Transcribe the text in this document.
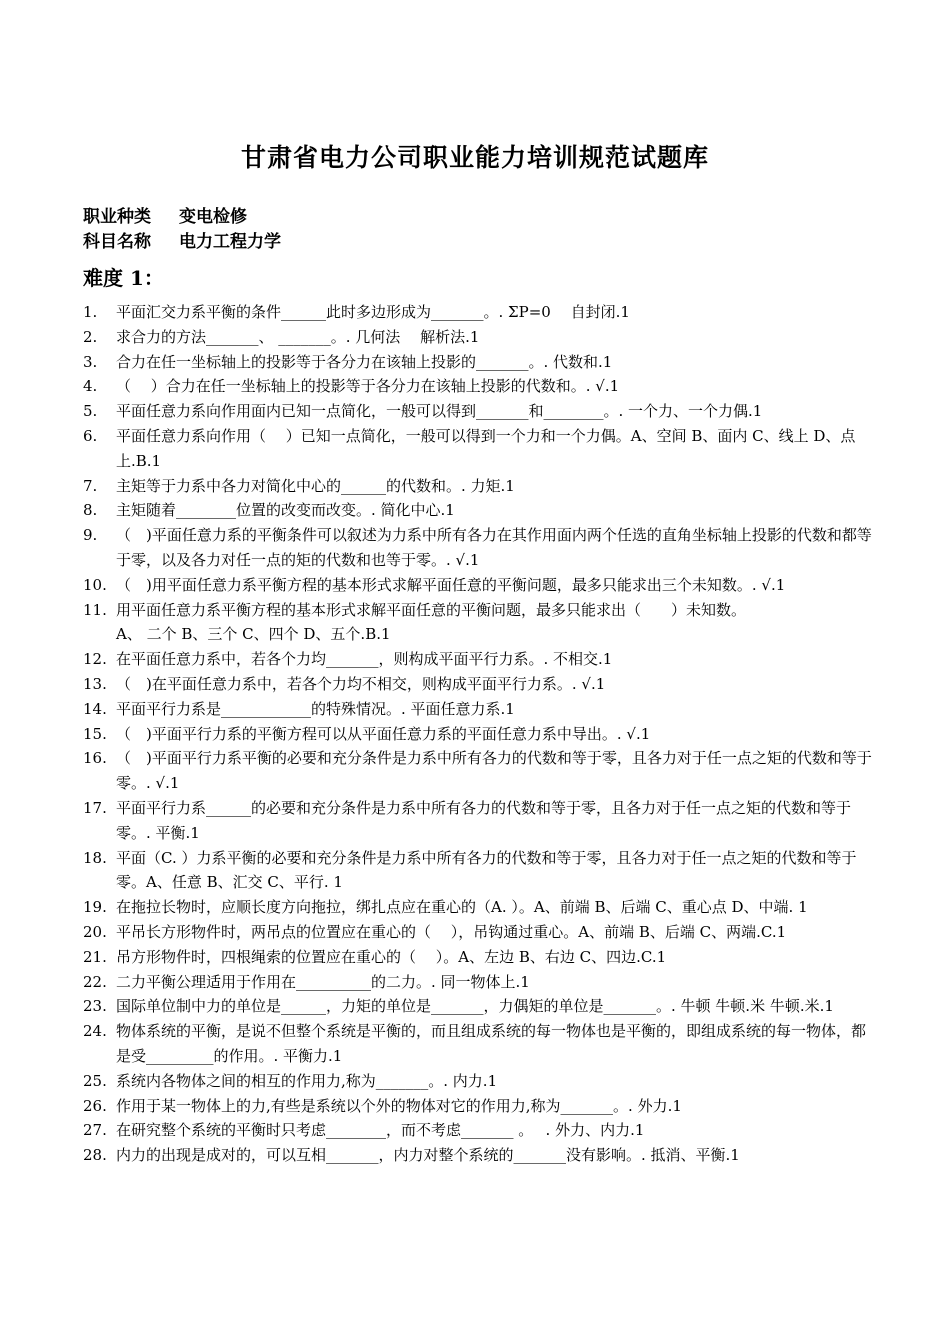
甘肃省电力公司职业能力培训规范试题库
职业种类 变电检修
科目名称 电力工程力学
难度 1：
1. 平面汇交力系平衡的条件______此时多边形成为_______。. ΣP=0　 自封闭.1
2. 求合力的方法_______、 _______。. 几何法　 解析法.1
3. 合力在任一坐标轴上的投影等于各分力在该轴上投影的_______。. 代数和.1
4. （　 ）合力在任一坐标轴上的投影等于各分力在该轴上投影的代数和。. √.1
5. 平面任意力系向作用面内已知一点简化，一般可以得到_______和________。. 一个力、一个力偶.1
6. 平面任意力系向作用（　 ）已知一点简化，一般可以得到一个力和一个力偶。A、空间 B、面内 C、线上 D、点上.B.1
7. 主矩等于力系中各力对简化中心的______的代数和。. 力矩.1
8. 主矩随着________位置的改变而改变。. 简化中心.1
9. （　)平面任意力系的平衡条件可以叙述为力系中所有各力在其作用面内两个任选的直角坐标轴上投影的代数和都等于零，以及各力对任一点的矩的代数和也等于零。. √.1
10. （　)用平面任意力系平衡方程的基本形式求解平面任意的平衡问题，最多只能求出三个未知数。. √.1
11. 用平面任意力系平衡方程的基本形式求解平面任意的平衡问题，最多只能求出（　　）未知数。
A、 二个 B、三个 C、四个 D、五个.B.1
12. 在平面任意力系中，若各个力均_______，则构成平面平行力系。. 不相交.1
13. （　)在平面任意力系中，若各个力均不相交，则构成平面平行力系。. √.1
14. 平面平行力系是____________的特殊情况。. 平面任意力系.1
15. （　)平面平行力系的平衡方程可以从平面任意力系的平面任意力系中导出。. √.1
16. （　)平面平行力系平衡的必要和充分条件是力系中所有各力的代数和等于零，且各力对于任一点之矩的代数和等于零。. √.1
17. 平面平行力系______的必要和充分条件是力系中所有各力的代数和等于零，且各力对于任一点之矩的代数和等于零。. 平衡.1
18. 平面（C. ）力系平衡的必要和充分条件是力系中所有各力的代数和等于零，且各力对于任一点之矩的代数和等于零。A、任意 B、汇交 C、平行. 1
19. 在拖拉长物时，应顺长度方向拖拉，绑扎点应在重心的（A. ）。A、前端 B、后端 C、重心点 D、中端. 1
20. 平吊长方形物件时，两吊点的位置应在重心的（　 ），吊钩通过重心。A、前端 B、后端 C、两端.C.1
21. 吊方形物件时，四根绳索的位置应在重心的（　 ）。A、左边 B、右边 C、四边.C.1
22. 二力平衡公理适用于作用在__________的二力。. 同一物体上.1
23. 国际单位制中力的单位是______，力矩的单位是_______，力偶矩的单位是_______。. 牛顿 牛顿.米 牛顿.米.1
24. 物体系统的平衡，是说不但整个系统是平衡的，而且组成系统的每一物体也是平衡的，即组成系统的每一物体，都是受_________的作用。. 平衡力.1
25. 系统内各物体之间的相互的作用力,称为_______。. 内力.1
26. 作用于某一物体上的力,有些是系统以个外的物体对它的作用力,称为_______。. 外力.1
27. 在研究整个系统的平衡时只考虑________，而不考虑_______ 。　 . 外力、内力.1
28. 内力的出现是成对的，可以互相_______，内力对整个系统的_______没有影响。. 抵消、平衡.1
